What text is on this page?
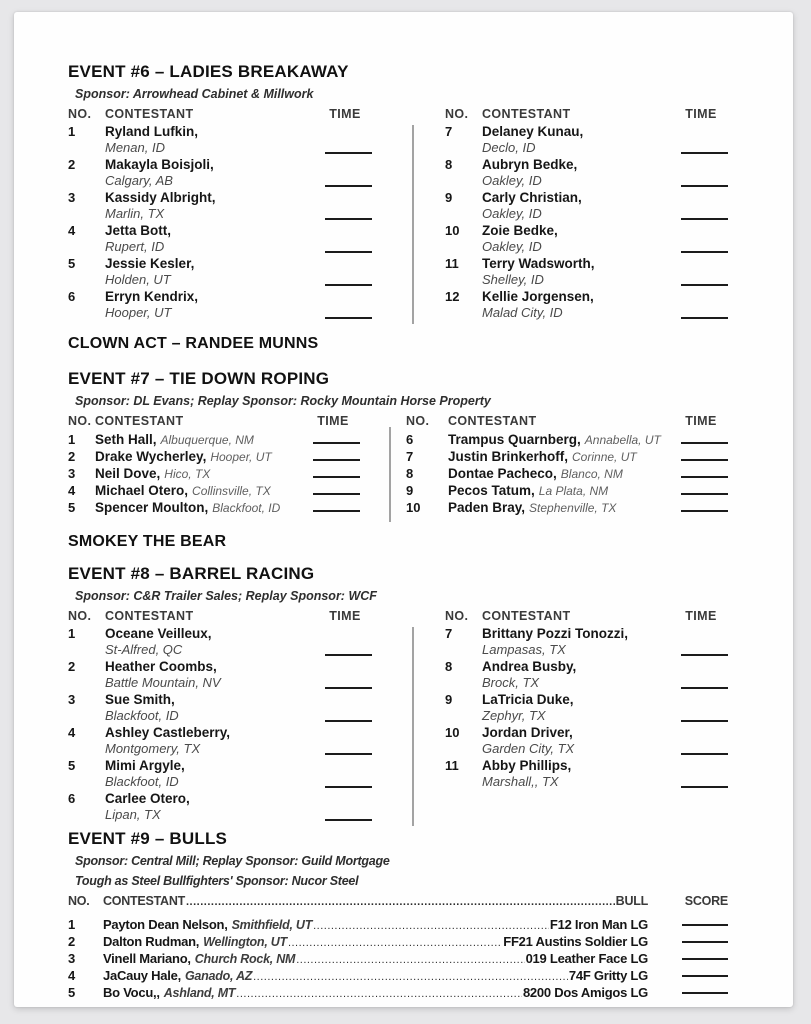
EVENT #6 – LADIES BREAKAWAY

Sponsor: Arrowhead Cabinet & Millwork

NO.	CONTESTANT	TIME
1	Ryland Lufkin,
Menan, ID
2	Makayla Boisjoli,
Calgary, AB
3	Kassidy Albright,
Marlin, TX
4	Jetta Bott,
Rupert, ID
5	Jessie Kesler,
Holden, UT
6	Erryn Kendrix,
Hooper, UT
NO.	CONTESTANT	TIME
7	Delaney Kunau,
Declo, ID
8	Aubryn Bedke,
Oakley, ID
9	Carly Christian,
Oakley, ID
10	Zoie Bedke,
Oakley, ID
11	Terry Wadsworth,
Shelley, ID
12	Kellie Jorgensen,
Malad City, ID
CLOWN ACT – RANDEE MUNNS
EVENT #7 – TIE DOWN ROPING

Sponsor: DL Evans; Replay Sponsor: Rocky Mountain Horse Property

NO. CONTESTANT	TIME
1	Seth Hall, Albuquerque, NM
2	Drake Wycherley, Hooper, UT
3	Neil Dove, Hico, TX
4	Michael Otero, Collinsville, TX
5	Spencer Moulton, Blackfoot, ID
NO.	CONTESTANT	TIME
6	Trampus Quarnberg, Annabella, UT
7	Justin Brinkerhoff, Corinne, UT
8	Dontae Pacheco, Blanco, NM
9	Pecos Tatum, La Plata, NM
10	Paden Bray, Stephenville, TX
SMOKEY THE BEAR
EVENT #8 – BARREL RACING

Sponsor: C&R Trailer Sales; Replay Sponsor: WCF

NO.	CONTESTANT	TIME
1	Oceane Veilleux,
St-Alfred, QC
2	Heather Coombs,
Battle Mountain, NV
3	Sue Smith,
Blackfoot, ID
4	Ashley Castleberry,
Montgomery, TX
5	Mimi Argyle,
Blackfoot, ID
6	Carlee Otero,
Lipan, TX
NO.	CONTESTANT	TIME
7	Brittany Pozzi Tonozzi,
Lampasas, TX
8	Andrea Busby,
Brock, TX
9	LaTricia Duke,
Zephyr, TX
10	Jordan Driver,
Garden City, TX
11	Abby Phillips,
Marshall,, TX
EVENT #9 – BULLS

Sponsor: Central Mill; Replay Sponsor: Guild Mortgage

Tough as Steel Bullfighters' Sponsor: Nucor Steel

NO.	CONTESTANT .....	BULL	SCORE
1	Payton Dean Nelson, Smithfield, UT .....	F12 Iron Man LG
2	Dalton Rudman, Wellington, UT .....	FF21 Austins Soldier LG
3	Vinell Mariano, Church Rock, NM .....	019 Leather Face LG
4	JaCauy Hale, Ganado, AZ .....	74F Gritty LG
5	Bo Vocu,, Ashland, MT .....	8200 Dos Amigos LG
